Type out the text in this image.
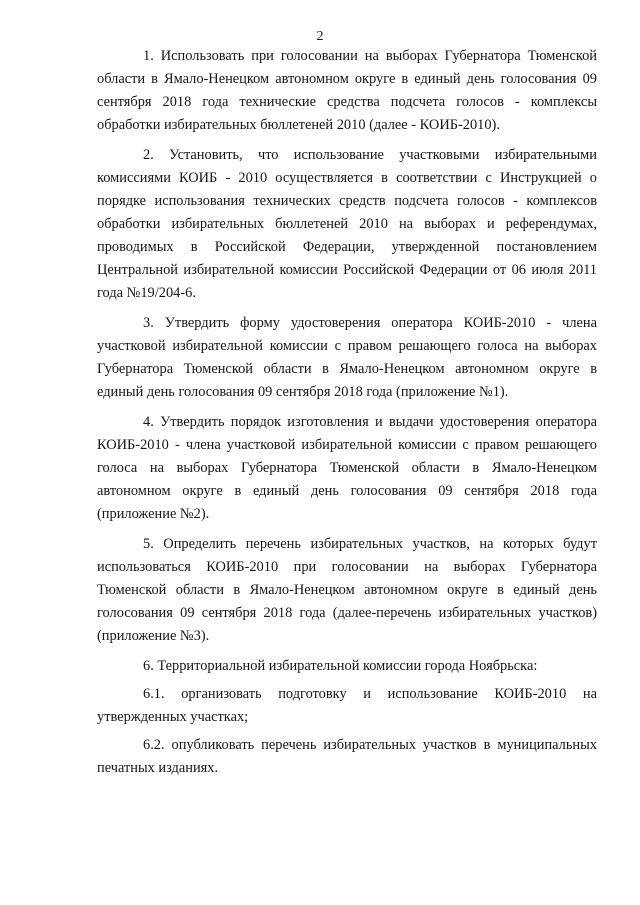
2

1. Использовать при голосовании на выборах Губернатора Тюменской области в Ямало-Ненецком автономном округе в единый день голосования 09 сентября 2018 года технические средства подсчета голосов - комплексы обработки избирательных бюллетеней 2010 (далее - КОИБ-2010).

2. Установить, что использование участковыми избирательными комиссиями КОИБ - 2010 осуществляется в соответствии с Инструкцией о порядке использования технических средств подсчета голосов - комплексов обработки избирательных бюллетеней 2010 на выборах и референдумах, проводимых в Российской Федерации, утвержденной постановлением Центральной избирательной комиссии Российской Федерации от 06 июля 2011 года №19/204-6.

3. Утвердить форму удостоверения оператора КОИБ-2010 - члена участковой избирательной комиссии с правом решающего голоса на выборах Губернатора Тюменской области в Ямало-Ненецком автономном округе в единый день голосования 09 сентября 2018 года (приложение №1).

4. Утвердить порядок изготовления и выдачи удостоверения оператора КОИБ-2010 - члена участковой избирательной комиссии с правом решающего голоса на выборах Губернатора Тюменской области в Ямало-Ненецком автономном округе в единый день голосования 09 сентября 2018 года (приложение №2).

5. Определить перечень избирательных участков, на которых будут использоваться КОИБ-2010 при голосовании на выборах Губернатора Тюменской области в Ямало-Ненецком автономном округе в единый день голосования 09 сентября 2018 года (далее-перечень избирательных участков) (приложение №3).

6. Территориальной избирательной комиссии города Ноябрьска:

6.1. организовать подготовку и использование КОИБ-2010 на утвержденных участках;

6.2. опубликовать перечень избирательных участков в муниципальных печатных изданиях.
